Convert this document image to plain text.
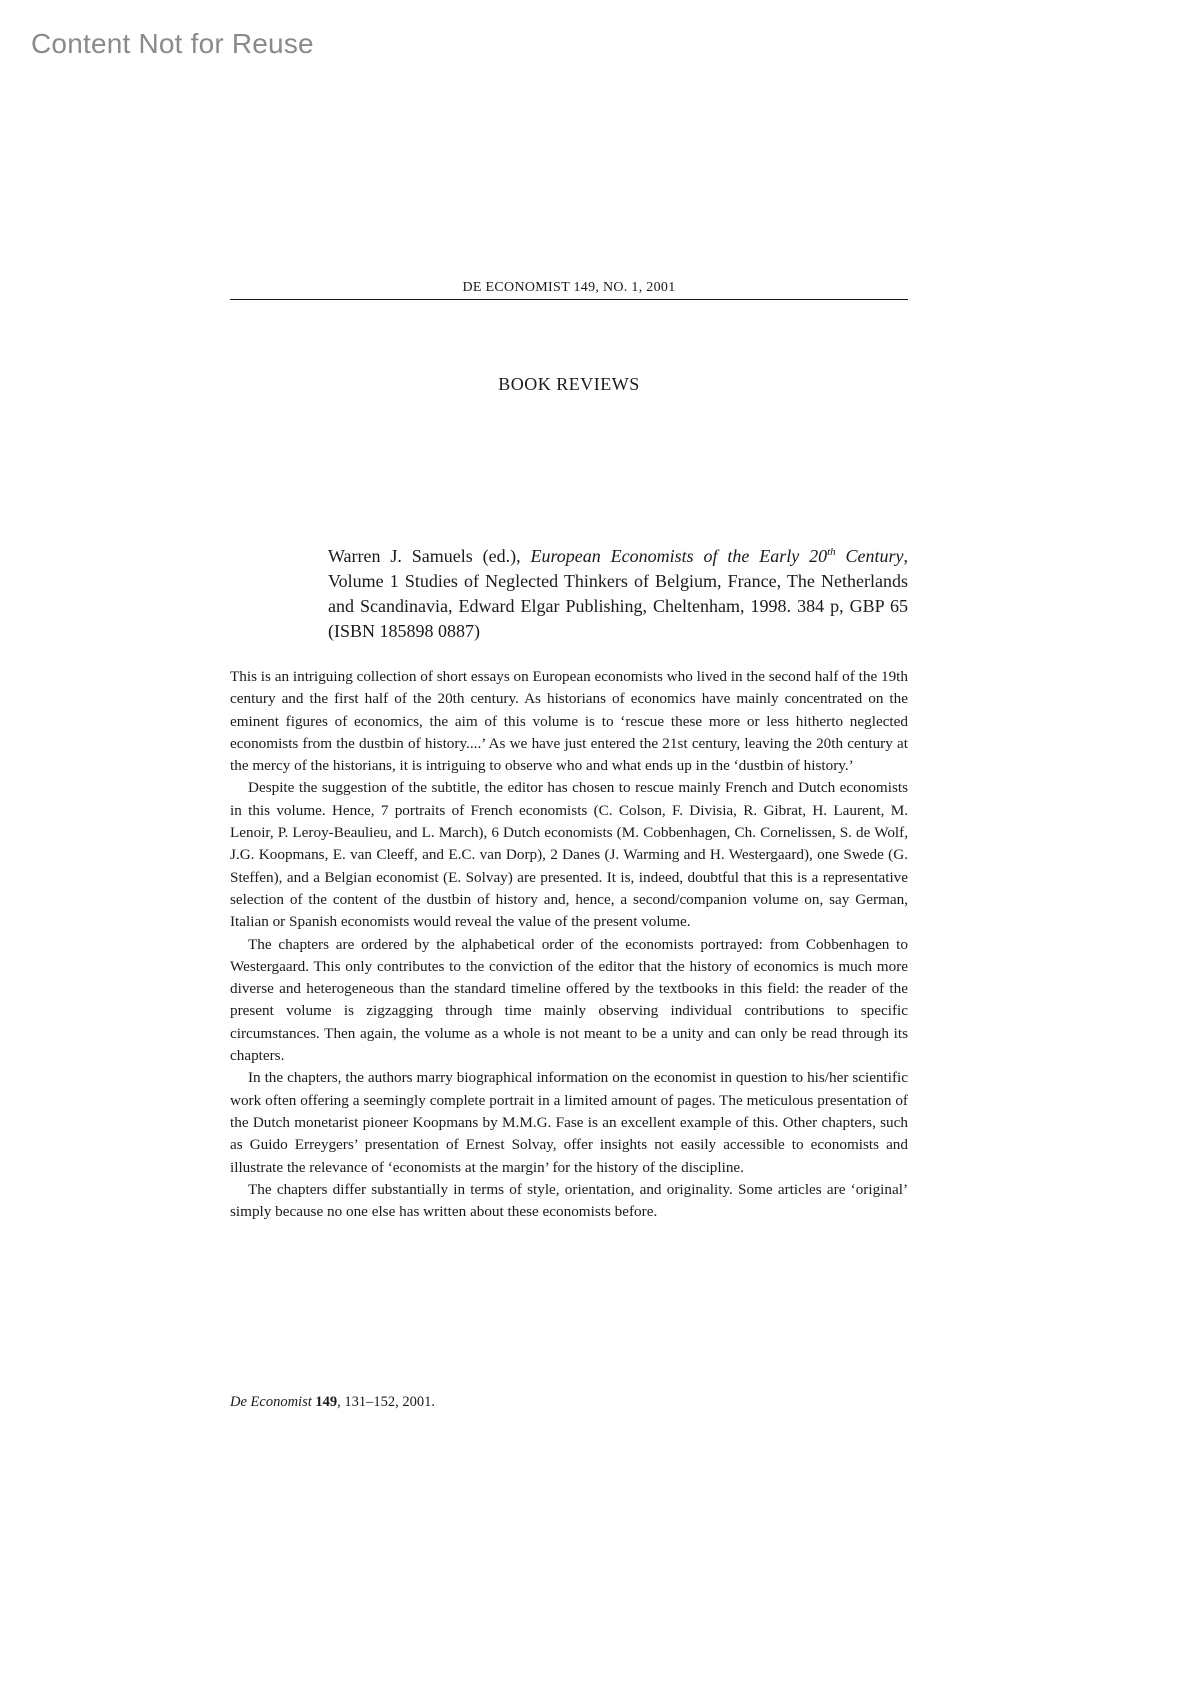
Content Not for Reuse
DE ECONOMIST 149, NO. 1, 2001
BOOK REVIEWS
Warren J. Samuels (ed.), European Economists of the Early 20th Century, Volume 1 Studies of Neglected Thinkers of Belgium, France, The Netherlands and Scandinavia, Edward Elgar Publishing, Cheltenham, 1998. 384 p, GBP 65 (ISBN 185898 0887)

This is an intriguing collection of short essays on European economists who lived in the second half of the 19th century and the first half of the 20th century. As historians of economics have mainly concentrated on the eminent figures of economics, the aim of this volume is to ‘rescue these more or less hitherto neglected economists from the dustbin of history....’ As we have just entered the 21st century, leaving the 20th century at the mercy of the historians, it is intriguing to observe who and what ends up in the ‘dustbin of history.’

Despite the suggestion of the subtitle, the editor has chosen to rescue mainly French and Dutch economists in this volume. Hence, 7 portraits of French economists (C. Colson, F. Divisia, R. Gibrat, H. Laurent, M. Lenoir, P. Leroy-Beaulieu, and L. March), 6 Dutch economists (M. Cobbenhagen, Ch. Cornelissen, S. de Wolf, J.G. Koopmans, E. van Cleeff, and E.C. van Dorp), 2 Danes (J. Warming and H. Westergaard), one Swede (G. Steffen), and a Belgian economist (E. Solvay) are presented. It is, indeed, doubtful that this is a representative selection of the content of the dustbin of history and, hence, a second/companion volume on, say German, Italian or Spanish economists would reveal the value of the present volume.

The chapters are ordered by the alphabetical order of the economists portrayed: from Cobbenhagen to Westergaard. This only contributes to the conviction of the editor that the history of economics is much more diverse and heterogeneous than the standard timeline offered by the textbooks in this field: the reader of the present volume is zigzagging through time mainly observing individual contributions to specific circumstances. Then again, the volume as a whole is not meant to be a unity and can only be read through its chapters.

In the chapters, the authors marry biographical information on the economist in question to his/her scientific work often offering a seemingly complete portrait in a limited amount of pages. The meticulous presentation of the Dutch monetarist pioneer Koopmans by M.M.G. Fase is an excellent example of this. Other chapters, such as Guido Erreygers’ presentation of Ernest Solvay, offer insights not easily accessible to economists and illustrate the relevance of ‘economists at the margin’ for the history of the discipline.

The chapters differ substantially in terms of style, orientation, and originality. Some articles are ‘original’ simply because no one else has written about these economists before.

De Economist 149, 131–152, 2001.
